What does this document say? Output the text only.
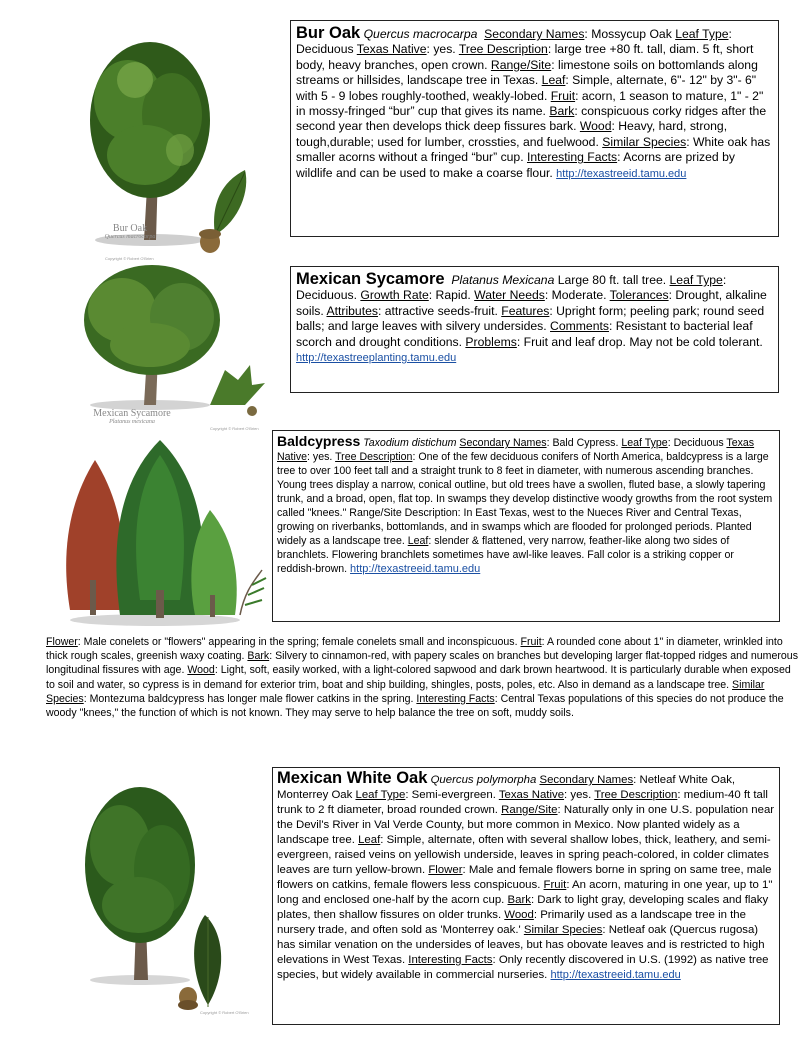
Bur Oak
Quercus macrocarpa
Copyright © Robert O'Brien

Bur Oak Quercus macrocarpa Secondary Names: Mossycup Oak Leaf Type: Deciduous Texas Native: yes. Tree Description: large tree +80 ft. tall, diam. 5 ft, short body, heavy branches, open crown. Range/Site: limestone soils on bottomlands along streams or hillsides, landscape tree in Texas. Leaf: Simple, alternate, 6"- 12" by 3"- 6" with 5 - 9 lobes roughly-toothed, weakly-lobed. Fruit: acorn, 1 season to mature, 1" - 2" in mossy-fringed “bur” cup that gives its name. Bark: conspicuous corky ridges after the second year then develops thick deep fissures bark. Wood: Heavy, hard, strong, tough,durable; used for lumber, crossties, and fuelwood. Similar Species: White oak has smaller acorns without a fringed “bur” cup. Interesting Facts: Acorns are prized by wildlife and can be used to make a coarse flour. http://texastreeid.tamu.edu

Mexican Sycamore
Platanus mexicana
Copyright © Robert O'Brien

Mexican Sycamore Platanus Mexicana Large 80 ft. tall tree. Leaf Type: Deciduous. Growth Rate: Rapid. Water Needs: Moderate. Tolerances: Drought, alkaline soils. Attributes: attractive seeds-fruit. Features: Upright form; peeling park; round seed balls; and large leaves with silvery undersides. Comments: Resistant to bacterial leaf scorch and drought conditions. Problems: Fruit and leaf drop. May not be cold tolerant. http://texastreeplanting.tamu.edu

Baldcypress Taxodium distichum Secondary Names: Bald Cypress. Leaf Type: Deciduous Texas Native: yes. Tree Description: One of the few deciduous conifers of North America, baldcypress is a large tree to over 100 feet tall and a straight trunk to 8 feet in diameter, with numerous ascending branches. Young trees display a narrow, conical outline, but old trees have a swollen, fluted base, a slowly tapering trunk, and a broad, open, flat top. In swamps they develop distinctive woody growths from the root system called "knees." Range/Site Description: In East Texas, west to the Nueces River and Central Texas, growing on riverbanks, bottomlands, and in swamps which are flooded for prolonged periods. Planted widely as a landscape tree. Leaf: slender & flattened, very narrow, feather-like along two sides of branchlets. Flowering branchlets sometimes have awl-like leaves. Fall color is a striking copper or reddish-brown. http://texastreeid.tamu.edu

Flower: Male conelets or "flowers" appearing in the spring; female conelets small and inconspicuous. Fruit: A rounded cone about 1" in diameter, wrinkled into thick rough scales, greenish waxy coating. Bark: Silvery to cinnamon-red, with papery scales on branches but developing larger flat-topped ridges and numerous longitudinal fissures with age. Wood: Light, soft, easily worked, with a light-colored sapwood and dark brown heartwood. It is particularly durable when exposed to soil and water, so cypress is in demand for exterior trim, boat and ship building, shingles, posts, poles, etc. Also in demand as a landscape tree. Similar Species: Montezuma baldcypress has longer male flower catkins in the spring. Interesting Facts: Central Texas populations of this species do not produce the woody "knees," the function of which is not known. They may serve to help balance the tree on soft, muddy soils.

Copyright © Robert O'Brien

Mexican White Oak Quercus polymorpha Secondary Names: Netleaf White Oak, Monterrey Oak Leaf Type: Semi-evergreen. Texas Native: yes. Tree Description: medium-40 ft tall trunk to 2 ft diameter, broad rounded crown. Range/Site: Naturally only in one U.S. population near the Devil's River in Val Verde County, but more common in Mexico. Now planted widely as a landscape tree. Leaf: Simple, alternate, often with several shallow lobes, thick, leathery, and semi-evergreen, raised veins on yellowish underside, leaves in spring peach-colored, in colder climates leaves are turn yellow-brown. Flower: Male and female flowers borne in spring on same tree, male flowers on catkins, female flowers less conspicuous. Fruit: An acorn, maturing in one year, up to 1" long and enclosed one-half by the acorn cup. Bark: Dark to light gray, developing scales and flaky plates, then shallow fissures on older trunks. Wood: Primarily used as a landscape tree in the nursery trade, and often sold as 'Monterrey oak.' Similar Species: Netleaf oak (Quercus rugosa) has similar venation on the undersides of leaves, but has obovate leaves and is restricted to high elevations in West Texas. Interesting Facts: Only recently discovered in U.S. (1992) as native tree species, but widely available in commercial nurseries. http://texastreeid.tamu.edu
